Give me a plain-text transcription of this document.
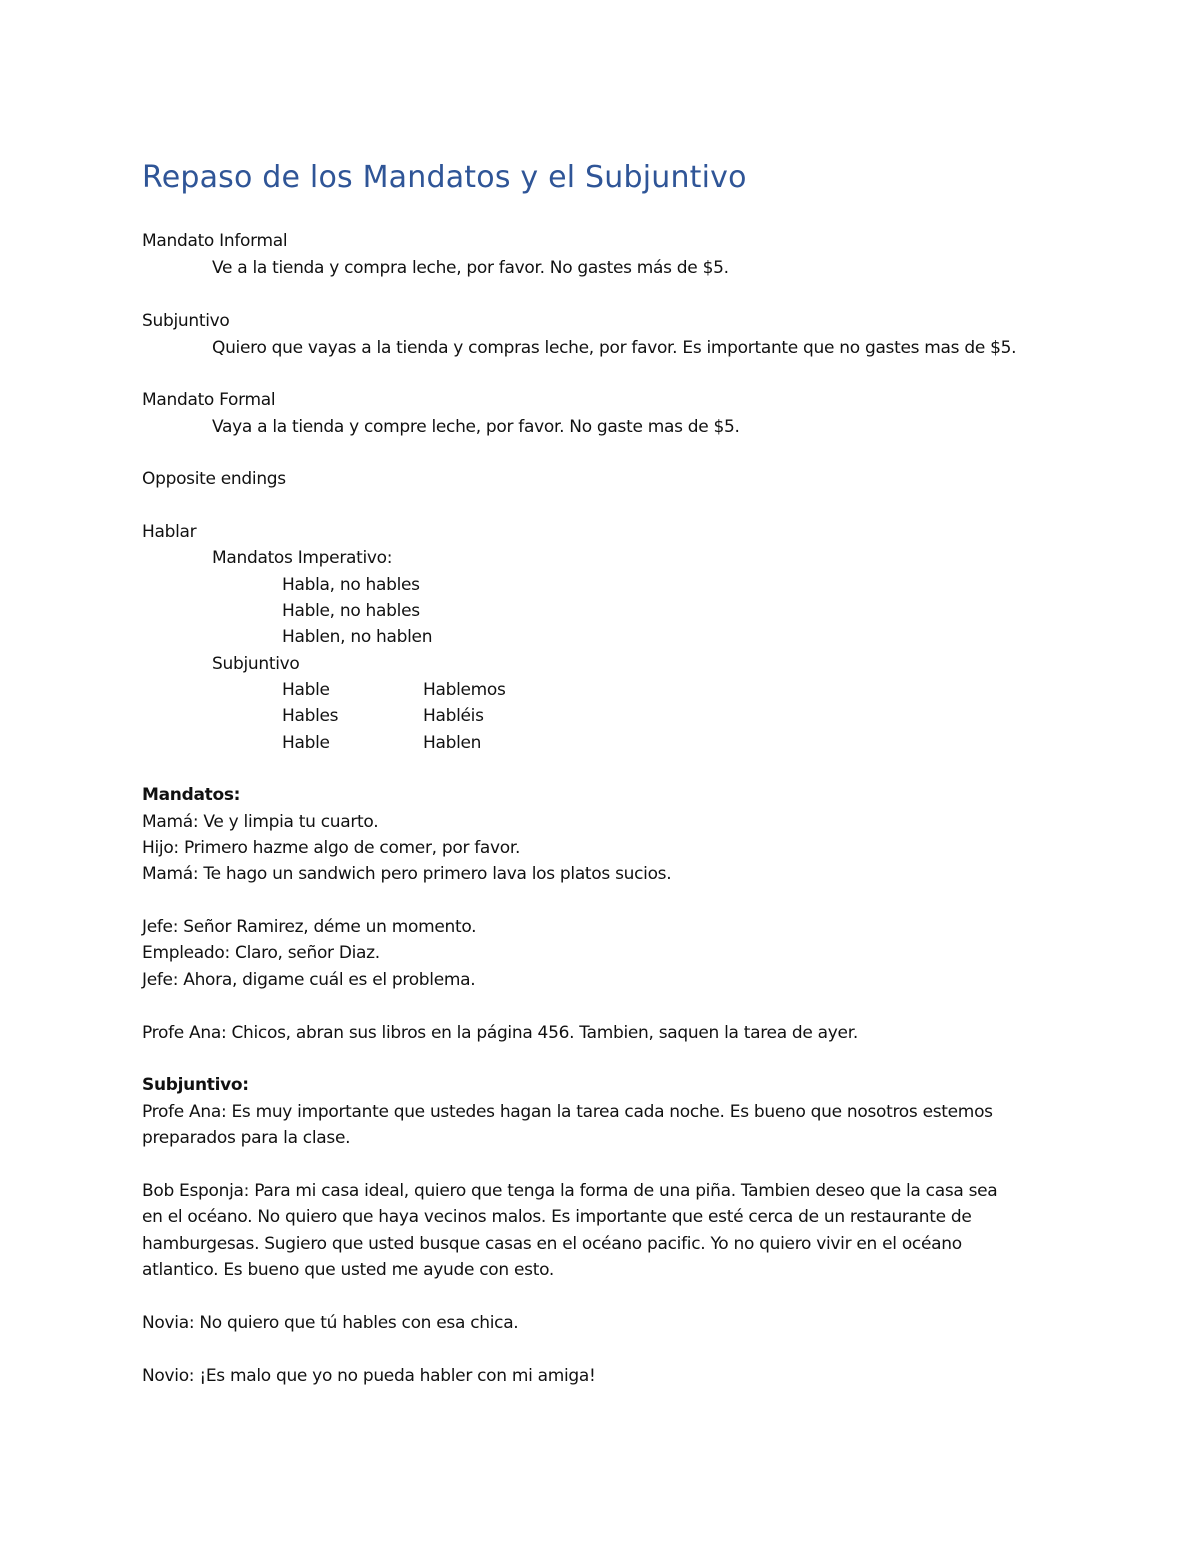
Repaso de los Mandatos y el Subjuntivo
Mandato Informal
Ve a la tienda y compra leche, por favor. No gastes más de $5.
Subjuntivo
Quiero que vayas a la tienda y compras leche, por favor. Es importante que no gastes mas de $5.
Mandato Formal
Vaya a la tienda y compre leche, por favor. No gaste mas de $5.
Opposite endings
Hablar
Mandatos Imperativo:
Habla, no hables
Hable, no hables
Hablen, no hablen
Subjuntivo
Hable	Hablemos
Hables	Habléis
Hable	Hablen
Mandatos:
Mamá: Ve y limpia tu cuarto.
Hijo: Primero hazme algo de comer, por favor.
Mamá: Te hago un sandwich pero primero lava los platos sucios.
Jefe: Señor Ramirez, déme un momento.
Empleado: Claro, señor Diaz.
Jefe: Ahora, digame cuál es el problema.
Profe Ana: Chicos, abran sus libros en la página 456. Tambien, saquen la tarea de ayer.
Subjuntivo:
Profe Ana: Es muy importante que ustedes hagan la tarea cada noche. Es bueno que nosotros estemos
preparados para la clase.
Bob Esponja: Para mi casa ideal, quiero que tenga la forma de una piña. Tambien deseo que la casa sea
en el océano. No quiero que haya vecinos malos. Es importante que esté cerca de un restaurante de
hamburgesas. Sugiero que usted busque casas en el océano pacific. Yo no quiero vivir en el océano
atlantico. Es bueno que usted me ayude con esto.
Novia: No quiero que tú hables con esa chica.
Novio: ¡Es malo que yo no pueda habler con mi amiga!
